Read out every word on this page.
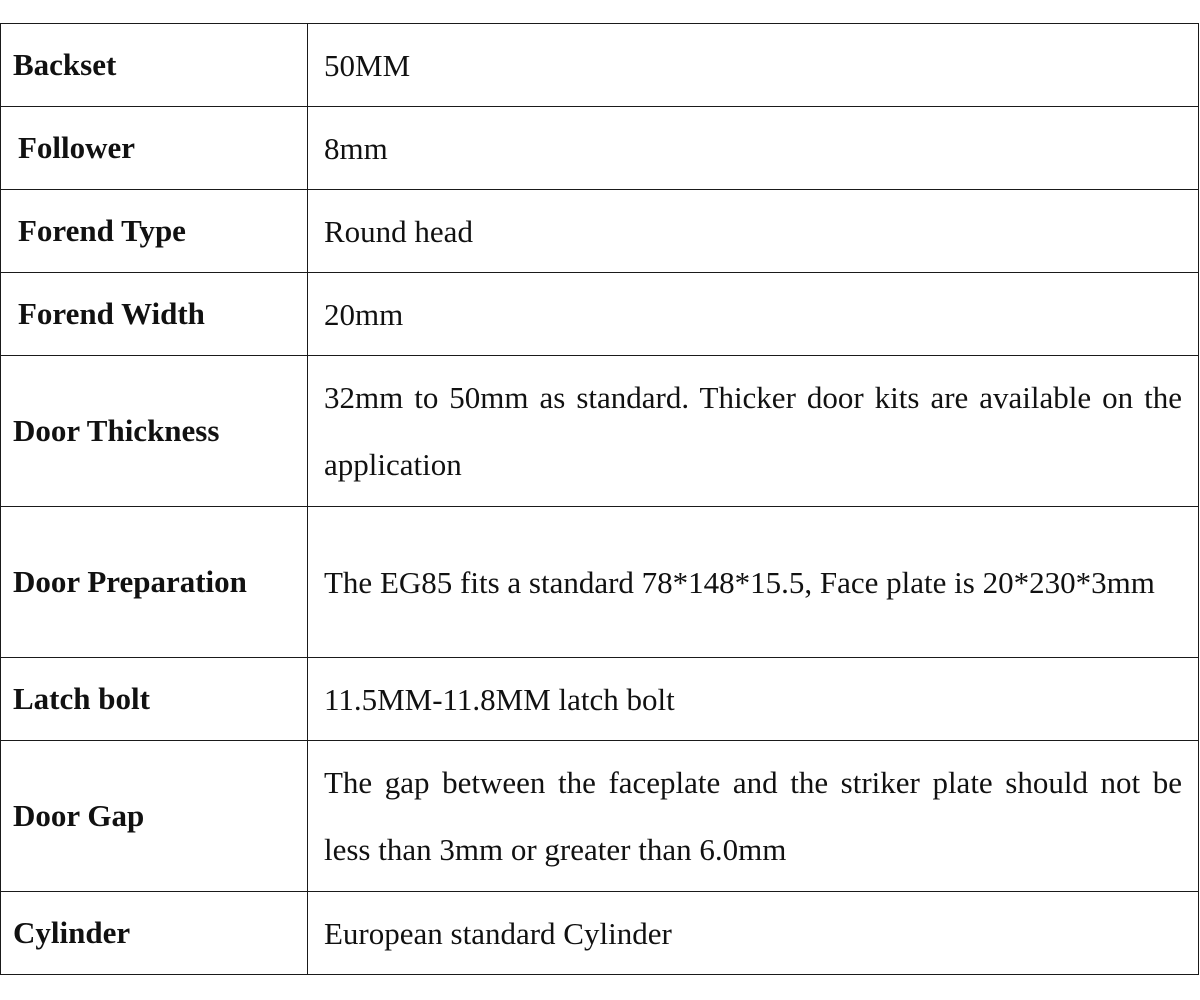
Backset	50MM
Follower	8mm
Forend Type	Round head
Forend Width	20mm
Door Thickness	32mm to 50mm as standard. Thicker door kits are available on the application
Door Preparation	The EG85 fits a standard 78*148*15.5, Face plate is 20*230*3mm
Latch bolt	11.5MM-11.8MM latch bolt
Door Gap	The gap between the faceplate and the striker plate should not be less than 3mm or greater than 6.0mm
Cylinder	European standard Cylinder
